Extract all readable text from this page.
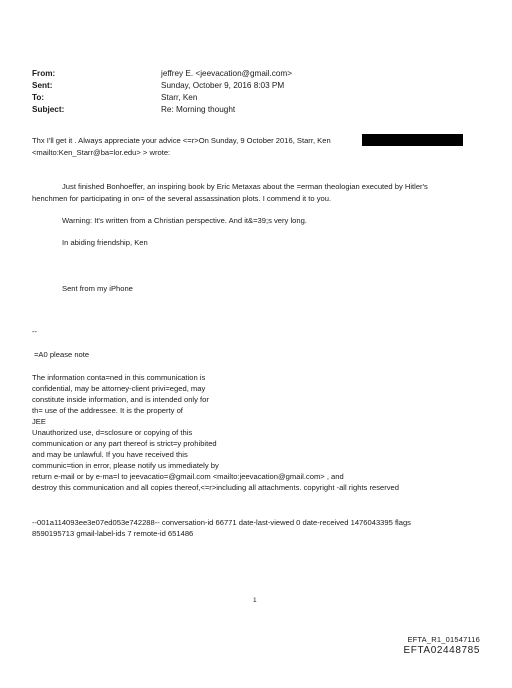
From:	jeffrey E. <jeevacation@gmail.com>
Sent:	Sunday, October 9, 2016 8:03 PM
To:	Starr, Ken
Subject:	Re: Morning thought
Thx I'll get it . Always appreciate your advice <=r>On Sunday, 9 October 2016, Starr, Ken
<mailto:Ken_Starr@ba=lor.edu> > wrote:
Just finished Bonhoeffer, an inspiring book by Eric Metaxas about the =erman theologian executed by Hitler's
henchmen for participating in on= of the several assassination plots. I commend it to you.
Warning: It's written from a Christian perspective. And it&=39;s very long.
In abiding friendship, Ken
Sent from my iPhone
--
=A0 please note
The information conta=ned in this communication is
confidential, may be attorney-client privi=eged, may
constitute inside information, and is intended only for
th= use of the addressee. It is the property of
JEE
Unauthorized use, d=sclosure or copying of this
communication or any part thereof is strict=y prohibited
and may be unlawful. If you have received this
communic=tion in error, please notify us immediately by
return e-mail or by e-ma=l to jeevacatio=@gmail.com <mailto:jeevacation@gmail.com> , and
destroy this communication and all copies thereof,<=r>including all attachments. copyright -all rights reserved
--001a114093ee3e07ed053e742288-- conversation-id 66771 date-last-viewed 0 date-received 1476043395 flags
8590195713 gmail-label-ids 7 remote-id 651486
1
EFTA_R1_01547116
EFTA02448785
